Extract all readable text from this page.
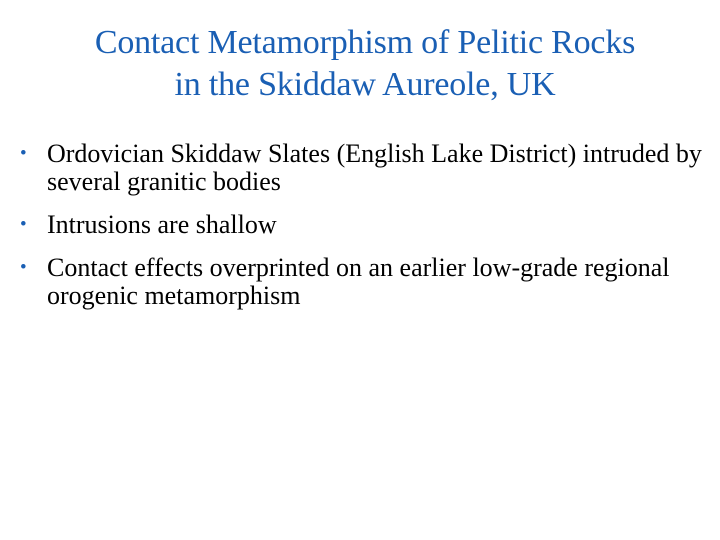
Contact Metamorphism of Pelitic Rocks
in the Skiddaw Aureole, UK
• Ordovician Skiddaw Slates (English Lake District) intruded by several granitic bodies
• Intrusions are shallow
• Contact effects overprinted on an earlier low-grade regional orogenic metamorphism
